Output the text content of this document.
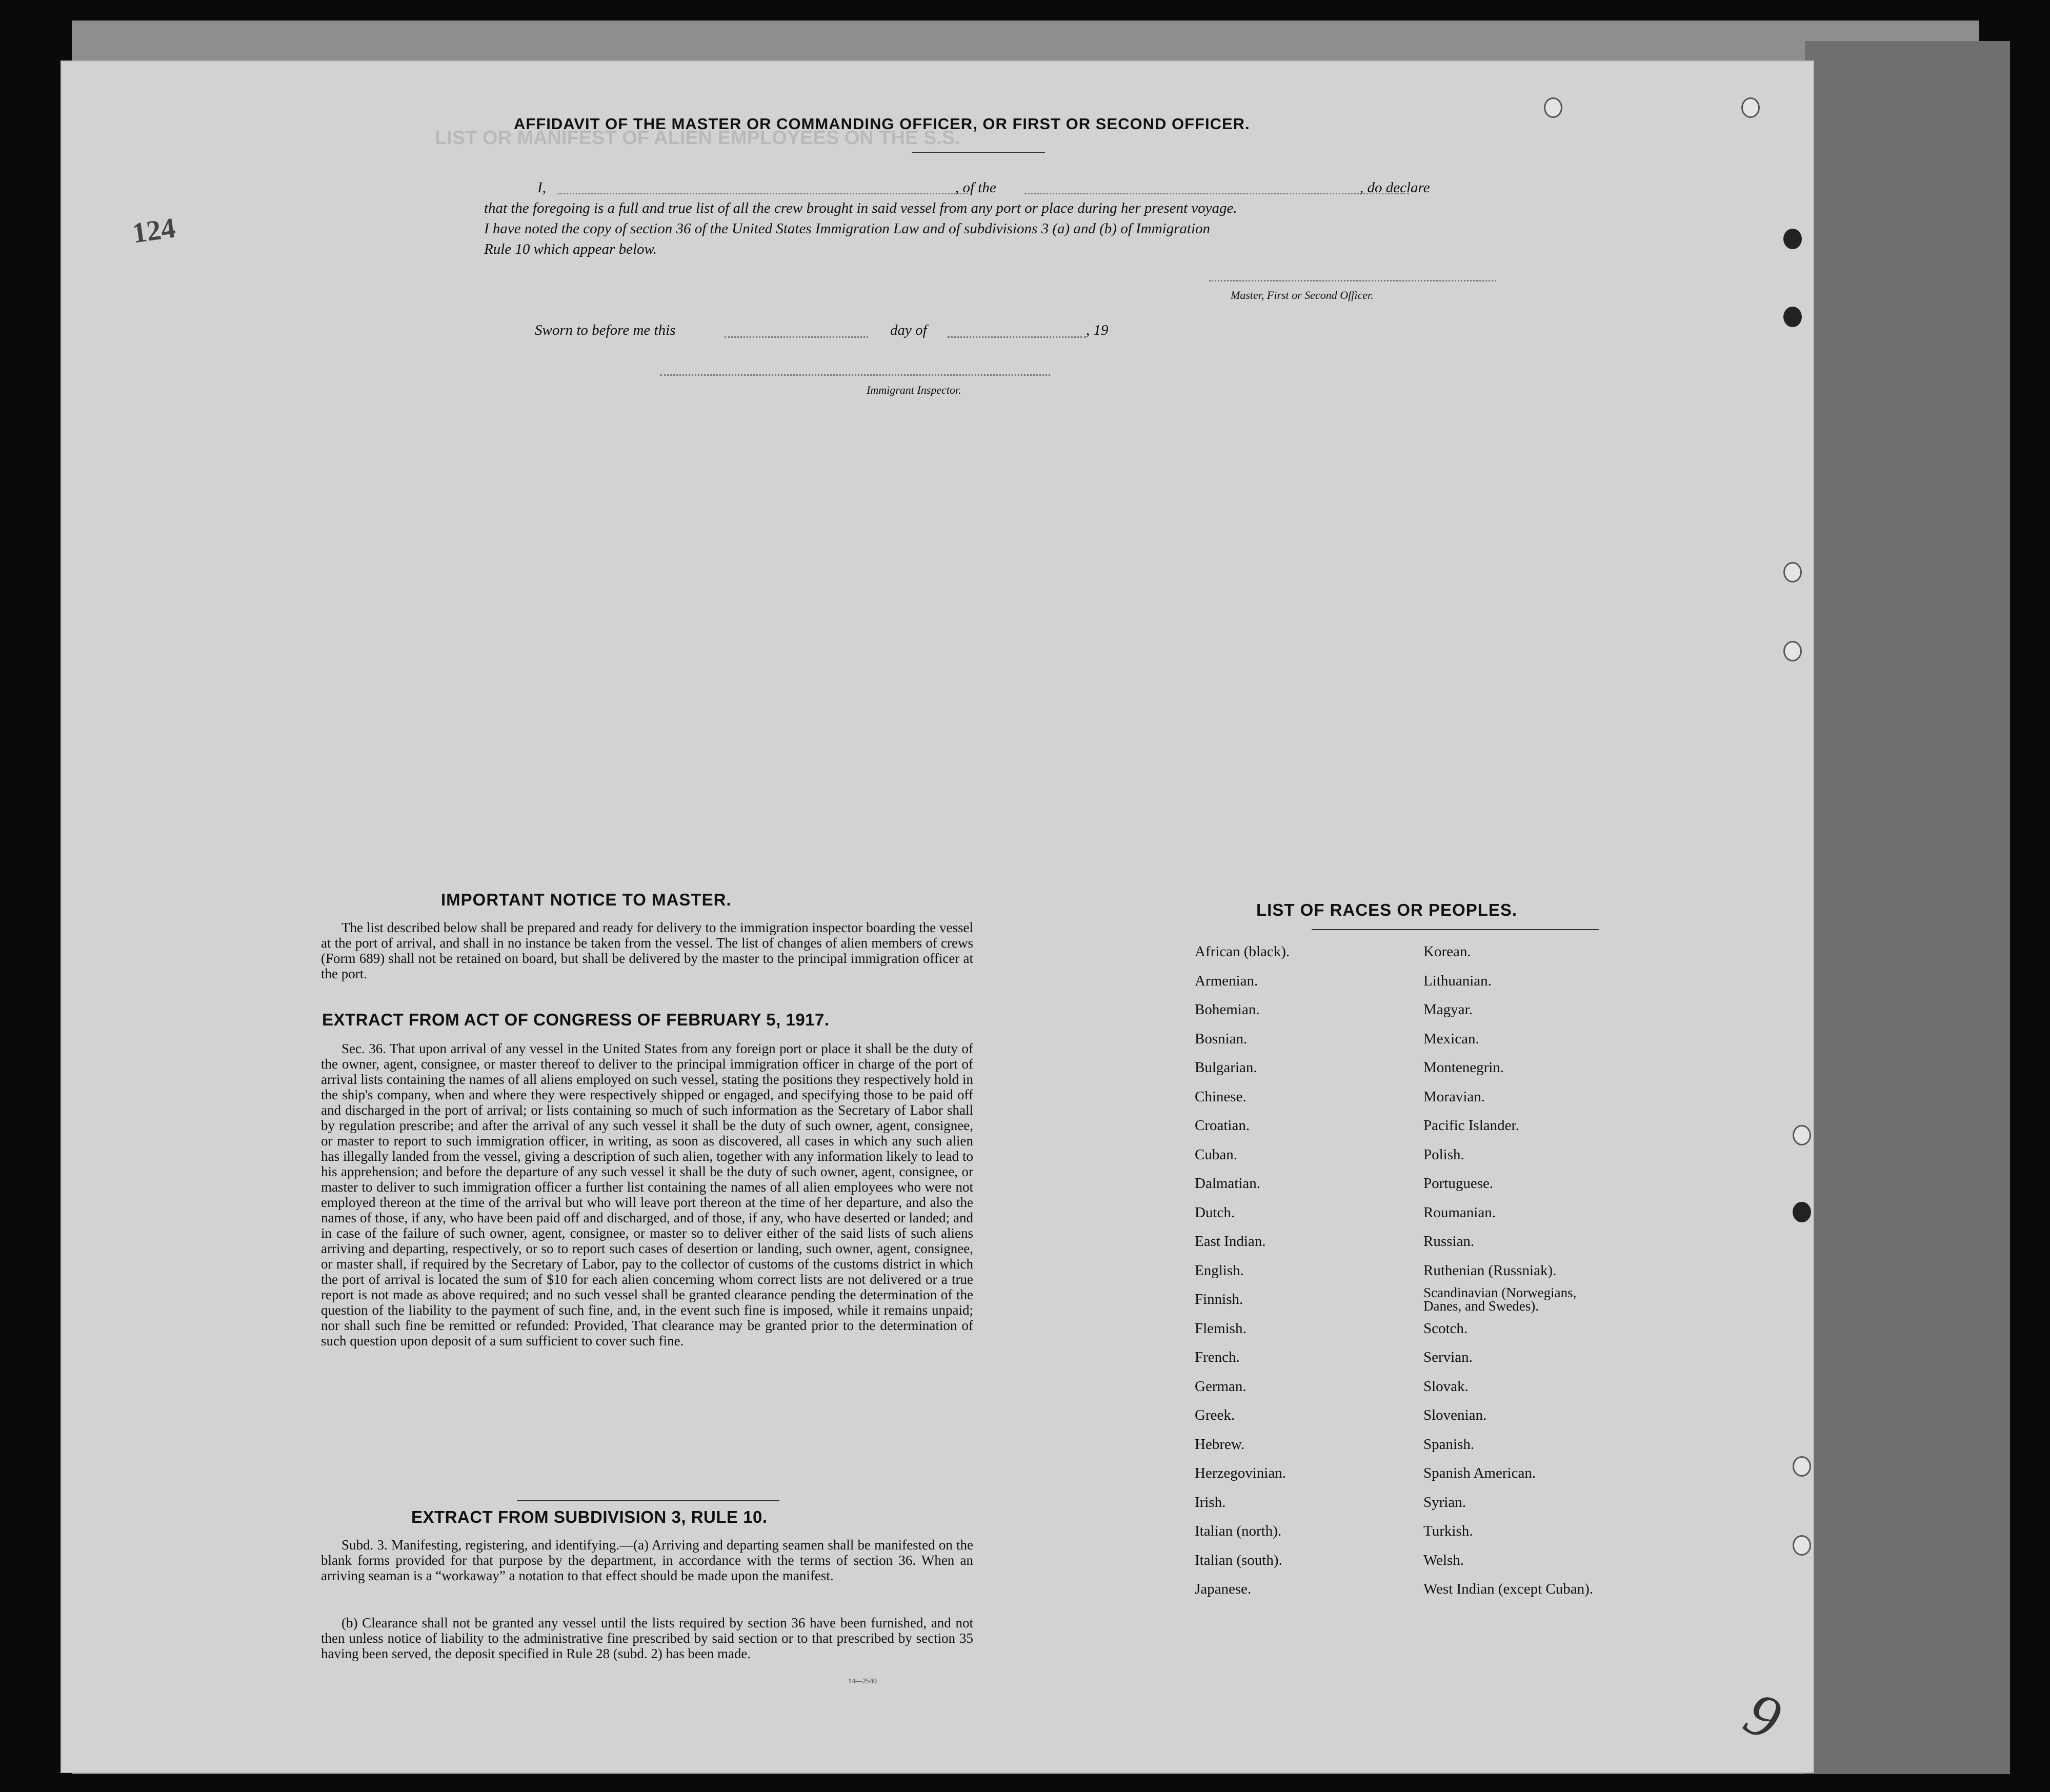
LIST OR MANIFEST OF ALIEN EMPLOYEES ON THE S.S.
124
9
AFFIDAVIT OF THE MASTER OR COMMANDING OFFICER, OR FIRST OR SECOND OFFICER.
I,	, of the	, do declare
that the foregoing is a full and true list of all the crew brought in said vessel from any port or place during her present voyage.
I have noted the copy of section 36 of the United States Immigration Law and of subdivisions 3 (a) and (b) of Immigration
Rule 10 which appear below.
Master, First or Second Officer.
Sworn to before me this	day of	, 19
Immigrant Inspector.
IMPORTANT NOTICE TO MASTER.
The list described below shall be prepared and ready for delivery to the immigration inspector boarding the vessel at the port of arrival, and shall in no instance be taken from the vessel. The list of changes of alien members of crews (Form 689) shall not be retained on board, but shall be delivered by the master to the principal immigration officer at the port.
EXTRACT FROM ACT OF CONGRESS OF FEBRUARY 5, 1917.
Sec. 36. That upon arrival of any vessel in the United States from any foreign port or place it shall be the duty of the owner, agent, consignee, or master thereof to deliver to the principal immigration officer in charge of the port of arrival lists containing the names of all aliens employed on such vessel, stating the positions they respectively hold in the ship's company, when and where they were respectively shipped or engaged, and specifying those to be paid off and discharged in the port of arrival; or lists containing so much of such information as the Secretary of Labor shall by regulation prescribe; and after the arrival of any such vessel it shall be the duty of such owner, agent, consignee, or master to report to such immigration officer, in writing, as soon as discovered, all cases in which any such alien has illegally landed from the vessel, giving a description of such alien, together with any information likely to lead to his apprehension; and before the departure of any such vessel it shall be the duty of such owner, agent, consignee, or master to deliver to such immigration officer a further list containing the names of all alien employees who were not employed thereon at the time of the arrival but who will leave port thereon at the time of her departure, and also the names of those, if any, who have been paid off and discharged, and of those, if any, who have deserted or landed; and in case of the failure of such owner, agent, consignee, or master so to deliver either of the said lists of such aliens arriving and departing, respectively, or so to report such cases of desertion or landing, such owner, agent, consignee, or master shall, if required by the Secretary of Labor, pay to the collector of customs of the customs district in which the port of arrival is located the sum of $10 for each alien concerning whom correct lists are not delivered or a true report is not made as above required; and no such vessel shall be granted clearance pending the determination of the question of the liability to the payment of such fine, and, in the event such fine is imposed, while it remains unpaid; nor shall such fine be remitted or refunded: Provided, That clearance may be granted prior to the determination of such question upon deposit of a sum sufficient to cover such fine.
EXTRACT FROM SUBDIVISION 3, RULE 10.
Subd. 3. Manifesting, registering, and identifying.—(a) Arriving and departing seamen shall be manifested on the blank forms provided for that purpose by the department, in accordance with the terms of section 36. When an arriving seaman is a “workaway” a notation to that effect should be made upon the manifest.
(b) Clearance shall not be granted any vessel until the lists required by section 36 have been furnished, and not then unless notice of liability to the administrative fine prescribed by said section or to that prescribed by section 35 having been served, the deposit specified in Rule 28 (subd. 2) has been made.
14—2540
LIST OF RACES OR PEOPLES.
African (black).
Armenian.
Bohemian.
Bosnian.
Bulgarian.
Chinese.
Croatian.
Cuban.
Dalmatian.
Dutch.
East Indian.
English.
Finnish.
Flemish.
French.
German.
Greek.
Hebrew.
Herzegovinian.
Irish.
Italian (north).
Italian (south).
Japanese.
Korean.
Lithuanian.
Magyar.
Mexican.
Montenegrin.
Moravian.
Pacific Islander.
Polish.
Portuguese.
Roumanian.
Russian.
Ruthenian (Russniak).
Scandinavian (Norwegians, Danes, and Swedes).
Scotch.
Servian.
Slovak.
Slovenian.
Spanish.
Spanish American.
Syrian.
Turkish.
Welsh.
West Indian (except Cuban).
